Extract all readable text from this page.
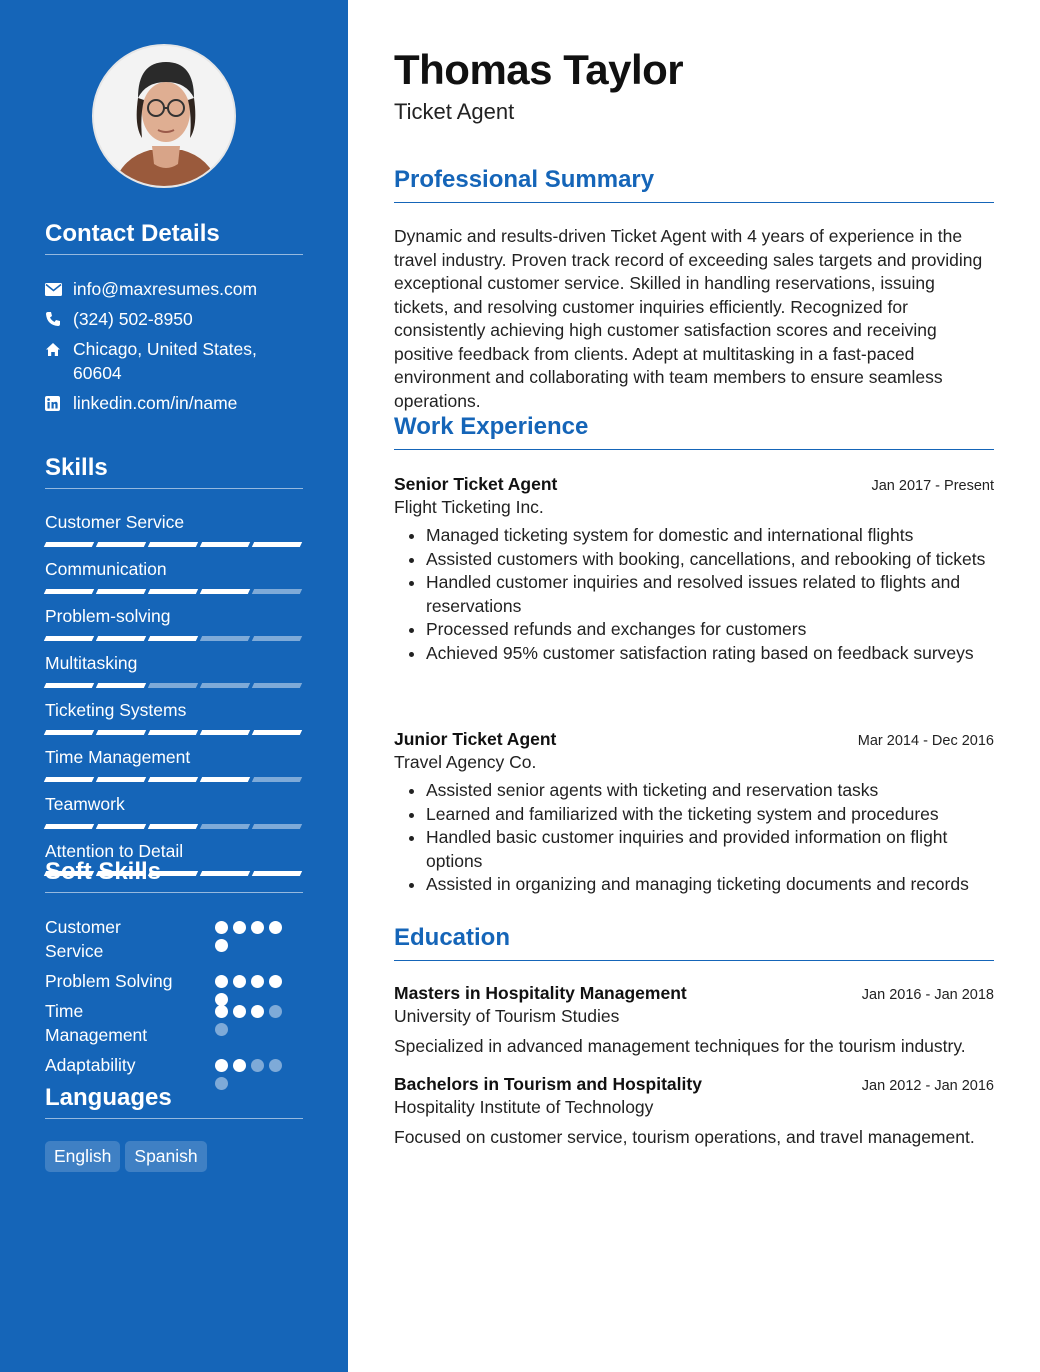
Contact Details
info@maxresumes.com
(324) 502-8950
Chicago, United States,
60604
linkedin.com/in/name
Skills
Customer Service
Communication
Problem-solving
Multitasking
Ticketing Systems
Time Management
Teamwork
Attention to Detail
Soft Skills
Customer
Service
Problem Solving
Time
Management
Adaptability
Languages
English Spanish
Thomas Taylor
Ticket Agent
Professional Summary
Dynamic and results-driven Ticket Agent with 4 years of experience in the travel industry. Proven track record of exceeding sales targets and providing exceptional customer service. Skilled in handling reservations, issuing tickets, and resolving customer inquiries efficiently. Recognized for consistently achieving high customer satisfaction scores and receiving positive feedback from clients. Adept at multitasking in a fast-paced environment and collaborating with team members to ensure seamless operations.
Work Experience
Senior Ticket Agent	Jan 2017 - Present
Flight Ticketing Inc.
• Managed ticketing system for domestic and international flights
• Assisted customers with booking, cancellations, and rebooking of tickets
• Handled customer inquiries and resolved issues related to flights and reservations
• Processed refunds and exchanges for customers
• Achieved 95% customer satisfaction rating based on feedback surveys
Junior Ticket Agent	Mar 2014 - Dec 2016
Travel Agency Co.
• Assisted senior agents with ticketing and reservation tasks
• Learned and familiarized with the ticketing system and procedures
• Handled basic customer inquiries and provided information on flight options
• Assisted in organizing and managing ticketing documents and records
Education
Masters in Hospitality Management	Jan 2016 - Jan 2018
University of Tourism Studies
Specialized in advanced management techniques for the tourism industry.
Bachelors in Tourism and Hospitality	Jan 2012 - Jan 2016
Hospitality Institute of Technology
Focused on customer service, tourism operations, and travel management.
